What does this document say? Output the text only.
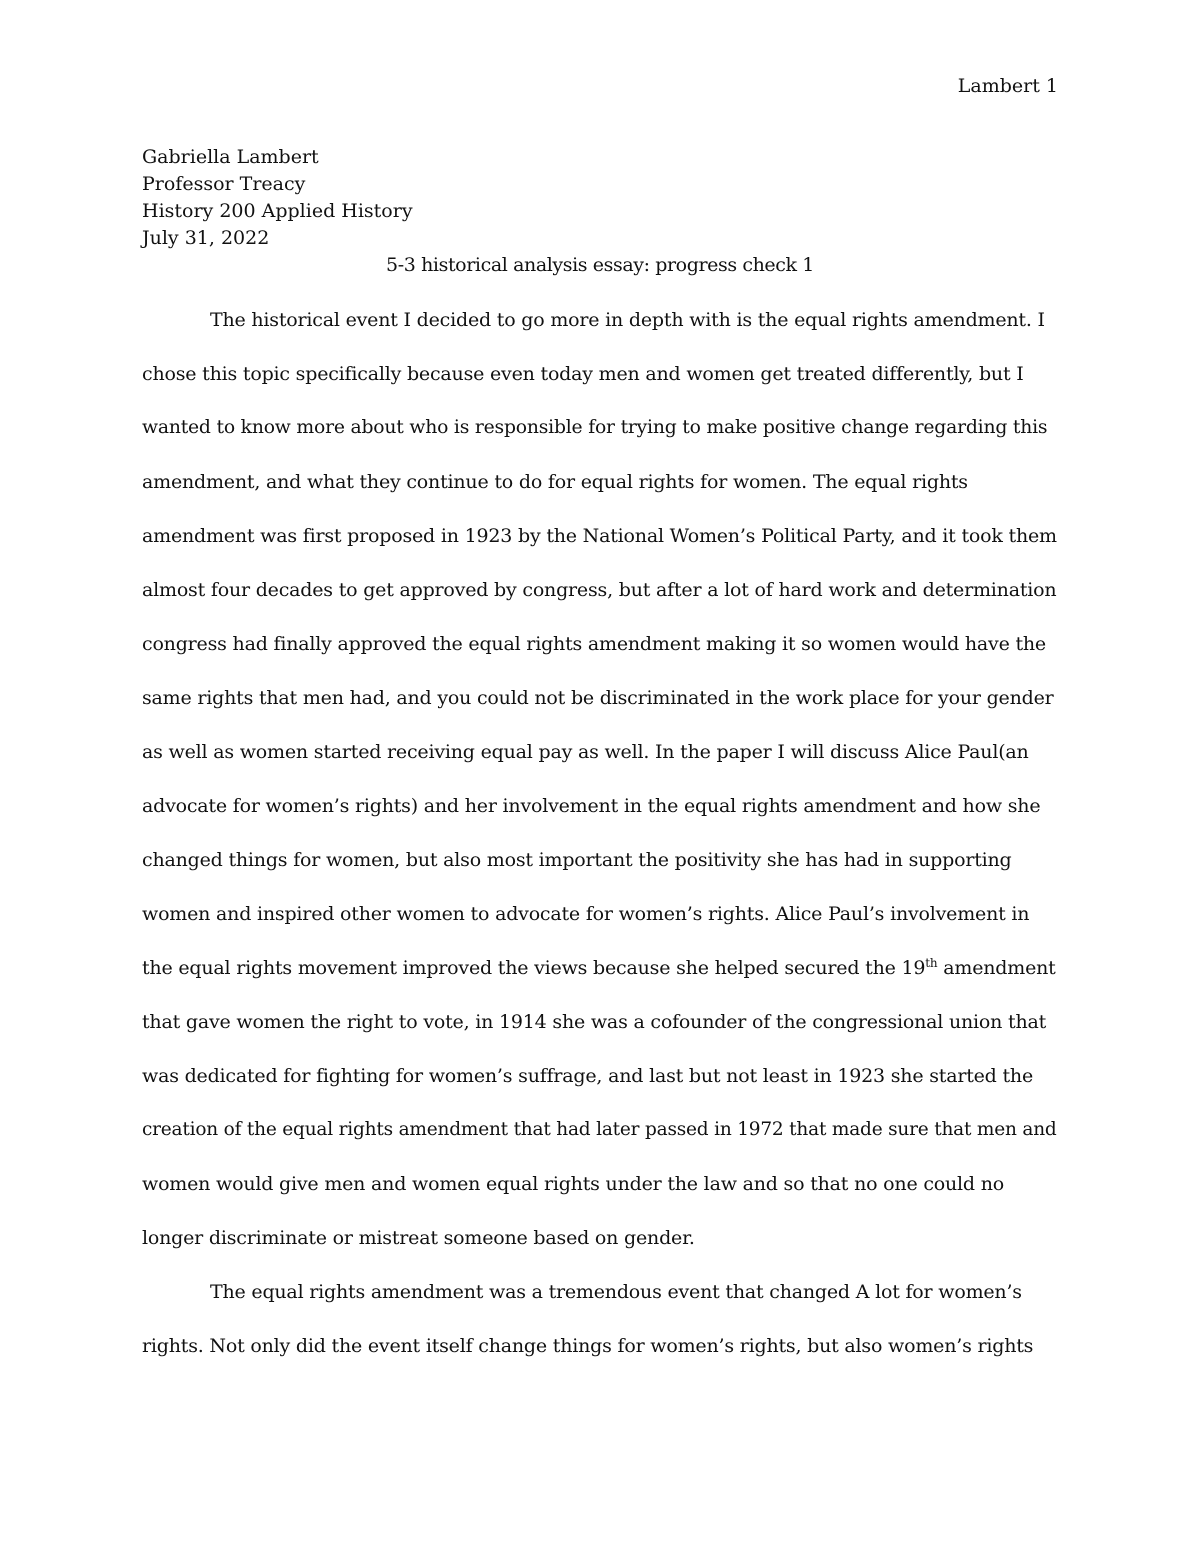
Lambert 1
Gabriella Lambert
Professor Treacy
History 200 Applied History
July 31, 2022
5-3 historical analysis essay: progress check 1
The historical event I decided to go more in depth with is the equal rights amendment. I
chose this topic specifically because even today men and women get treated differently, but I
wanted to know more about who is responsible for trying to make positive change regarding this
amendment, and what they continue to do for equal rights for women. The equal rights
amendment was first proposed in 1923 by the National Women’s Political Party, and it took them
almost four decades to get approved by congress, but after a lot of hard work and determination
congress had finally approved the equal rights amendment making it so women would have the
same rights that men had, and you could not be discriminated in the work place for your gender
as well as women started receiving equal pay as well. In the paper I will discuss Alice Paul(an
advocate for women’s rights) and her involvement in the equal rights amendment and how she
changed things for women, but also most important the positivity she has had in supporting
women and inspired other women to advocate for women’s rights. Alice Paul’s involvement in
the equal rights movement improved the views because she helped secured the 19th amendment
that gave women the right to vote, in 1914 she was a cofounder of the congressional union that
was dedicated for fighting for women’s suffrage, and last but not least in 1923 she started the
creation of the equal rights amendment that had later passed in 1972 that made sure that men and
women would give men and women equal rights under the law and so that no one could no
longer discriminate or mistreat someone based on gender.
The equal rights amendment was a tremendous event that changed A lot for women’s
rights. Not only did the event itself change things for women’s rights, but also women’s rights
